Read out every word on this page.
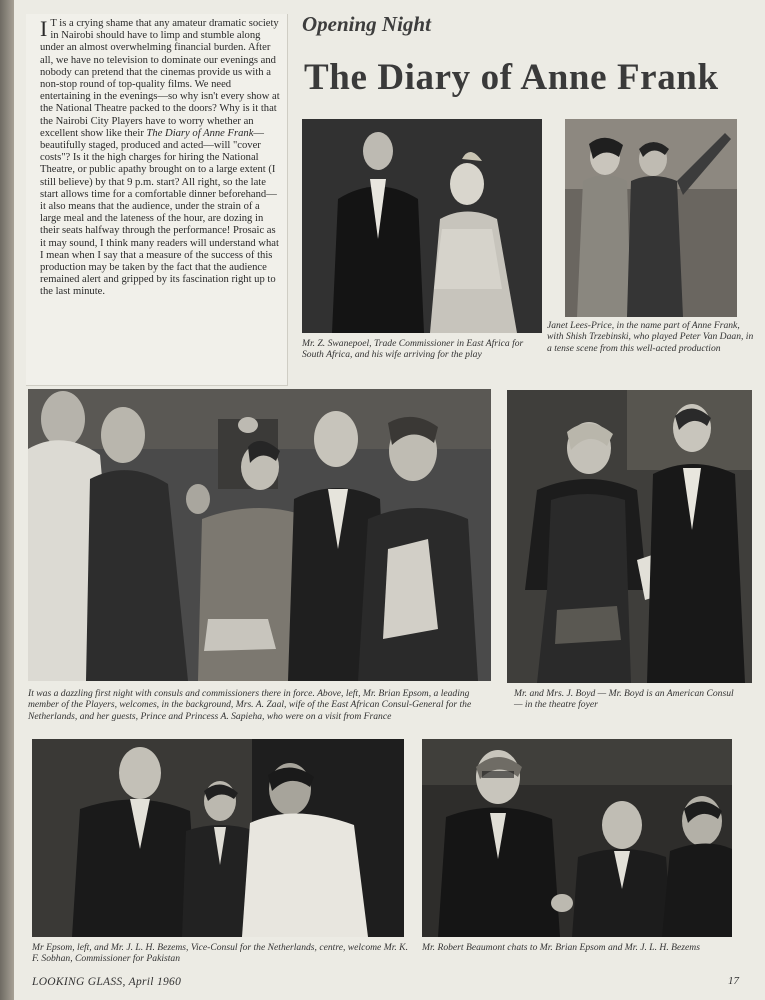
I T is a crying shame that any amateur dramatic society in Nairobi should have to limp and stumble along under an almost overwhelming financial burden. After all, we have no television to dominate our evenings and nobody can pretend that the cinemas provide us with a non-stop round of top-quality films. We need entertaining in the evenings—so why isn't every show at the National Theatre packed to the doors? Why is it that the Nairobi City Players have to worry whether an excellent show like their The Diary of Anne Frank—beautifully staged, produced and acted—will "cover costs"? Is it the high charges for hiring the National Theatre, or public apathy brought on to a large extent (I still believe) by that 9 p.m. start? All right, so the late start allows time for a comfortable dinner beforehand—it also means that the audience, under the strain of a large meal and the lateness of the hour, are dozing in their seats halfway through the performance! Prosaic as it may sound, I think many readers will understand what I mean when I say that a measure of the success of this production may be taken by the fact that the audience remained alert and gripped by its fascination right up to the last minute.

Opening Night
The Diary of Anne Frank
Mr. Z. Swanepoel, Trade Commissioner in East Africa for South Africa, and his wife arriving for the play
Janet Lees-Price, in the name part of Anne Frank, with Shish Trzebinski, who played Peter Van Daan, in a tense scene from this well-acted production
It was a dazzling first night with consuls and commissioners there in force. Above, left, Mr. Brian Epsom, a leading member of the Players, welcomes, in the background, Mrs. A. Zaal, wife of the East African Consul-General for the Netherlands, and her guests, Prince and Princess A. Sapieha, who were on a visit from France
Mr. and Mrs. J. Boyd — Mr. Boyd is an American Consul — in the theatre foyer
Mr Epsom, left, and Mr. J. L. H. Bezems, Vice-Consul for the Netherlands, centre, welcome Mr. K. F. Sobhan, Commissioner for Pakistan
Mr. Robert Beaumont chats to Mr. Brian Epsom and Mr. J. L. H. Bezems
LOOKING GLASS, April 1960	17
